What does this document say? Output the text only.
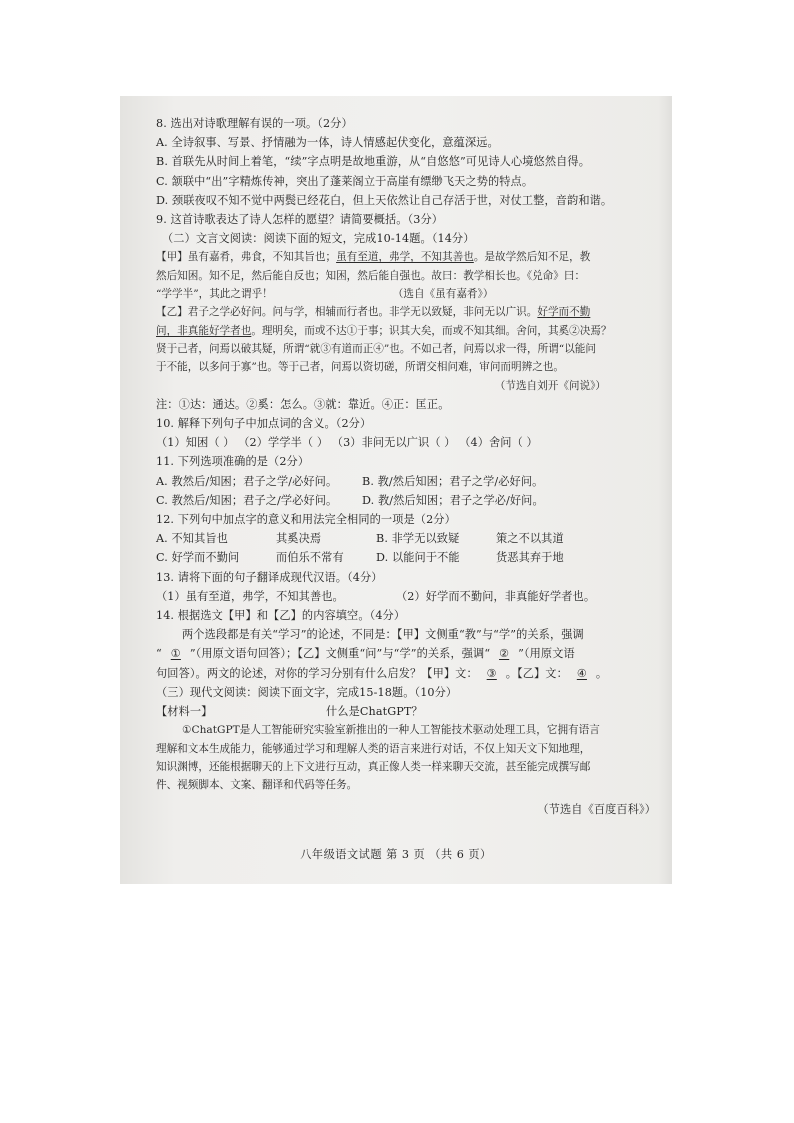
8. 选出对诗歌理解有误的一项。（2分）
A. 全诗叙事、写景、抒情融为一体，诗人情感起伏变化，意蕴深远。
B. 首联先从时间上着笔，“续”字点明是故地重游，从“自悠悠”可见诗人心境悠然自得。
C. 颔联中“出”字精炼传神，突出了蓬莱阁立于高崖有缥缈飞天之势的特点。
D. 颈联夜叹不知不觉中两鬓已经花白，但上天依然让自己存活于世，对仗工整，音韵和谐。
9. 这首诗歌表达了诗人怎样的愿望？请简要概括。（3分）
（二）文言文阅读：阅读下面的短文，完成10-14题。（14分）
【甲】虽有嘉肴，弗食，不知其旨也；虽有至道，弗学，不知其善也。是故学然后知不足，教
然后知困。知不足，然后能自反也；知困，然后能自强也。故曰：教学相长也。《兑命》曰：
“学学半”，其此之谓乎！	（选自《虽有嘉肴》）
【乙】君子之学必好问。问与学，相辅而行者也。非学无以致疑，非问无以广识。好学而不勤
问，非真能好学者也。理明矣，而或不达①于事；识其大矣，而或不知其细。舍问，其奚②决焉？
贤于己者，问焉以破其疑，所谓“就③有道而正④”也。不如己者，问焉以求一得，所谓“以能问
于不能，以多问于寡”也。等于己者，问焉以资切磋，所谓交相问难，审问而明辨之也。
（节选自刘开《问说》）
注：①达：通达。②奚：怎么。③就：靠近。④正：匡正。
10. 解释下列句子中加点词的含义。（2分）
（1）知困（ ） （2）学学半（ ） （3）非问无以广识（ ） （4）舍问（ ）
11. 下列选项准确的是（2分）
A. 教然后/知困；君子之学/必好问。 B. 教/然后知困；君子之学/必好问。
C. 教然后/知困；君子之/学必好问。 D. 教/然后知困；君子之学必/好问。
12. 下列句中加点字的意义和用法完全相同的一项是（2分）
A. 不知其旨也	其奚决焉	B. 非学无以致疑	策之不以其道
C. 好学而不勤问	而伯乐不常有	D. 以能问于不能	货恶其弃于地
13. 请将下面的句子翻译成现代汉语。（4分）
（1）虽有至道，弗学，不知其善也。	（2）好学而不勤问，非真能好学者也。
14. 根据选文【甲】和【乙】的内容填空。（4分）
两个选段都是有关“学习”的论述，不同是：【甲】文侧重“教”与“学”的关系，强调
“ ① ”（用原文语句回答）；【乙】文侧重“问”与“学”的关系，强调“ ② ”（用原文语
句回答）。两文的论述，对你的学习分别有什么启发？【甲】文： ③ 。【乙】文： ④ 。
（三）现代文阅读：阅读下面文字，完成15-18题。（10分）
【材料一】	什么是ChatGPT？
①ChatGPT是人工智能研究实验室新推出的一种人工智能技术驱动处理工具，它拥有语言
理解和文本生成能力，能够通过学习和理解人类的语言来进行对话，不仅上知天文下知地理，
知识渊博，还能根据聊天的上下文进行互动，真正像人类一样来聊天交流，甚至能完成撰写邮
件、视频脚本、文案、翻译和代码等任务。
（节选自《百度百科》）
八年级语文试题 第 3 页 （共 6 页）
